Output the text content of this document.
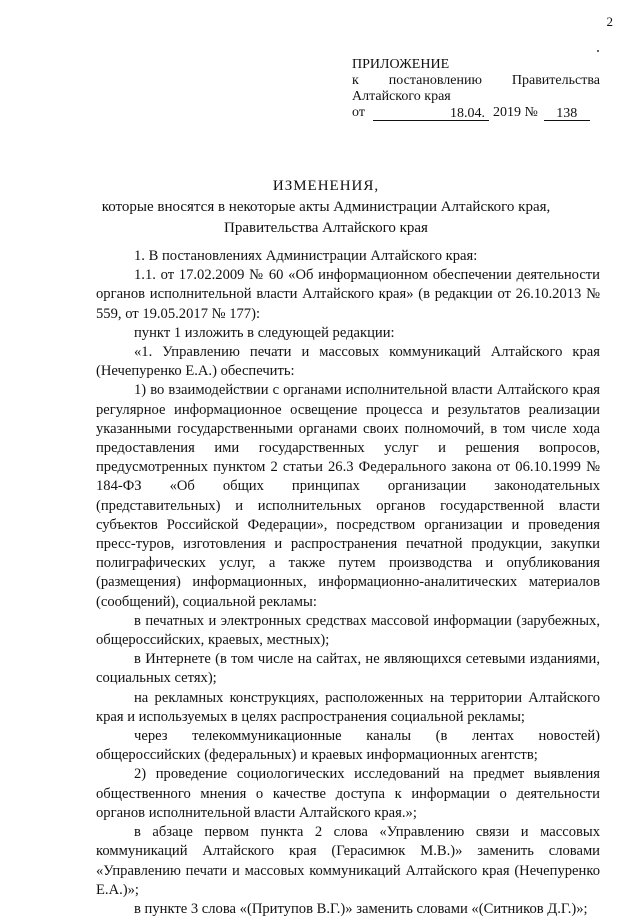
2
ПРИЛОЖЕНИЕ
к постановлению Правительства
Алтайского края
от	18.04. 2019 №	138
ИЗМЕНЕНИЯ,
которые вносятся в некоторые акты Администрации Алтайского края,
Правительства Алтайского края

1. В постановлениях Администрации Алтайского края:

1.1. от 17.02.2009 № 60 «Об информационном обеспечении деятельности органов исполнительной власти Алтайского края» (в редакции от 26.10.2013 № 559, от 19.05.2017 № 177):

пункт 1 изложить в следующей редакции:

«1. Управлению печати и массовых коммуникаций Алтайского края (Нечепуренко Е.А.) обеспечить:

1) во взаимодействии с органами исполнительной власти Алтайского края регулярное информационное освещение процесса и результатов реализации указанными государственными органами своих полномочий, в том числе хода предоставления ими государственных услуг и решения вопросов, предусмотренных пунктом 2 статьи 26.3 Федерального закона от 06.10.1999 № 184-ФЗ «Об общих принципах организации законодательных (представительных) и исполнительных органов государственной власти субъектов Российской Федерации», посредством организации и проведения пресс-туров, изготовления и распространения печатной продукции, закупки полиграфических услуг, а также путем производства и опубликования (размещения) информационных, информационно-аналитических материалов (сообщений), социальной рекламы:

в печатных и электронных средствах массовой информации (зарубежных, общероссийских, краевых, местных);

в Интернете (в том числе на сайтах, не являющихся сетевыми изданиями, социальных сетях);

на рекламных конструкциях, расположенных на территории Алтайского края и используемых в целях распространения социальной рекламы;

через телекоммуникационные каналы (в лентах новостей) общероссийских (федеральных) и краевых информационных агентств;

2) проведение социологических исследований на предмет выявления общественного мнения о качестве доступа к информации о деятельности органов исполнительной власти Алтайского края.»;

в абзаце первом пункта 2 слова «Управлению связи и массовых коммуникаций Алтайского края (Герасимюк М.В.)» заменить словами «Управлению печати и массовых коммуникаций Алтайского края (Нечепуренко Е.А.)»;

в пункте 3 слова «(Притупов В.Г.)» заменить словами «(Ситников Д.Г.)»;
